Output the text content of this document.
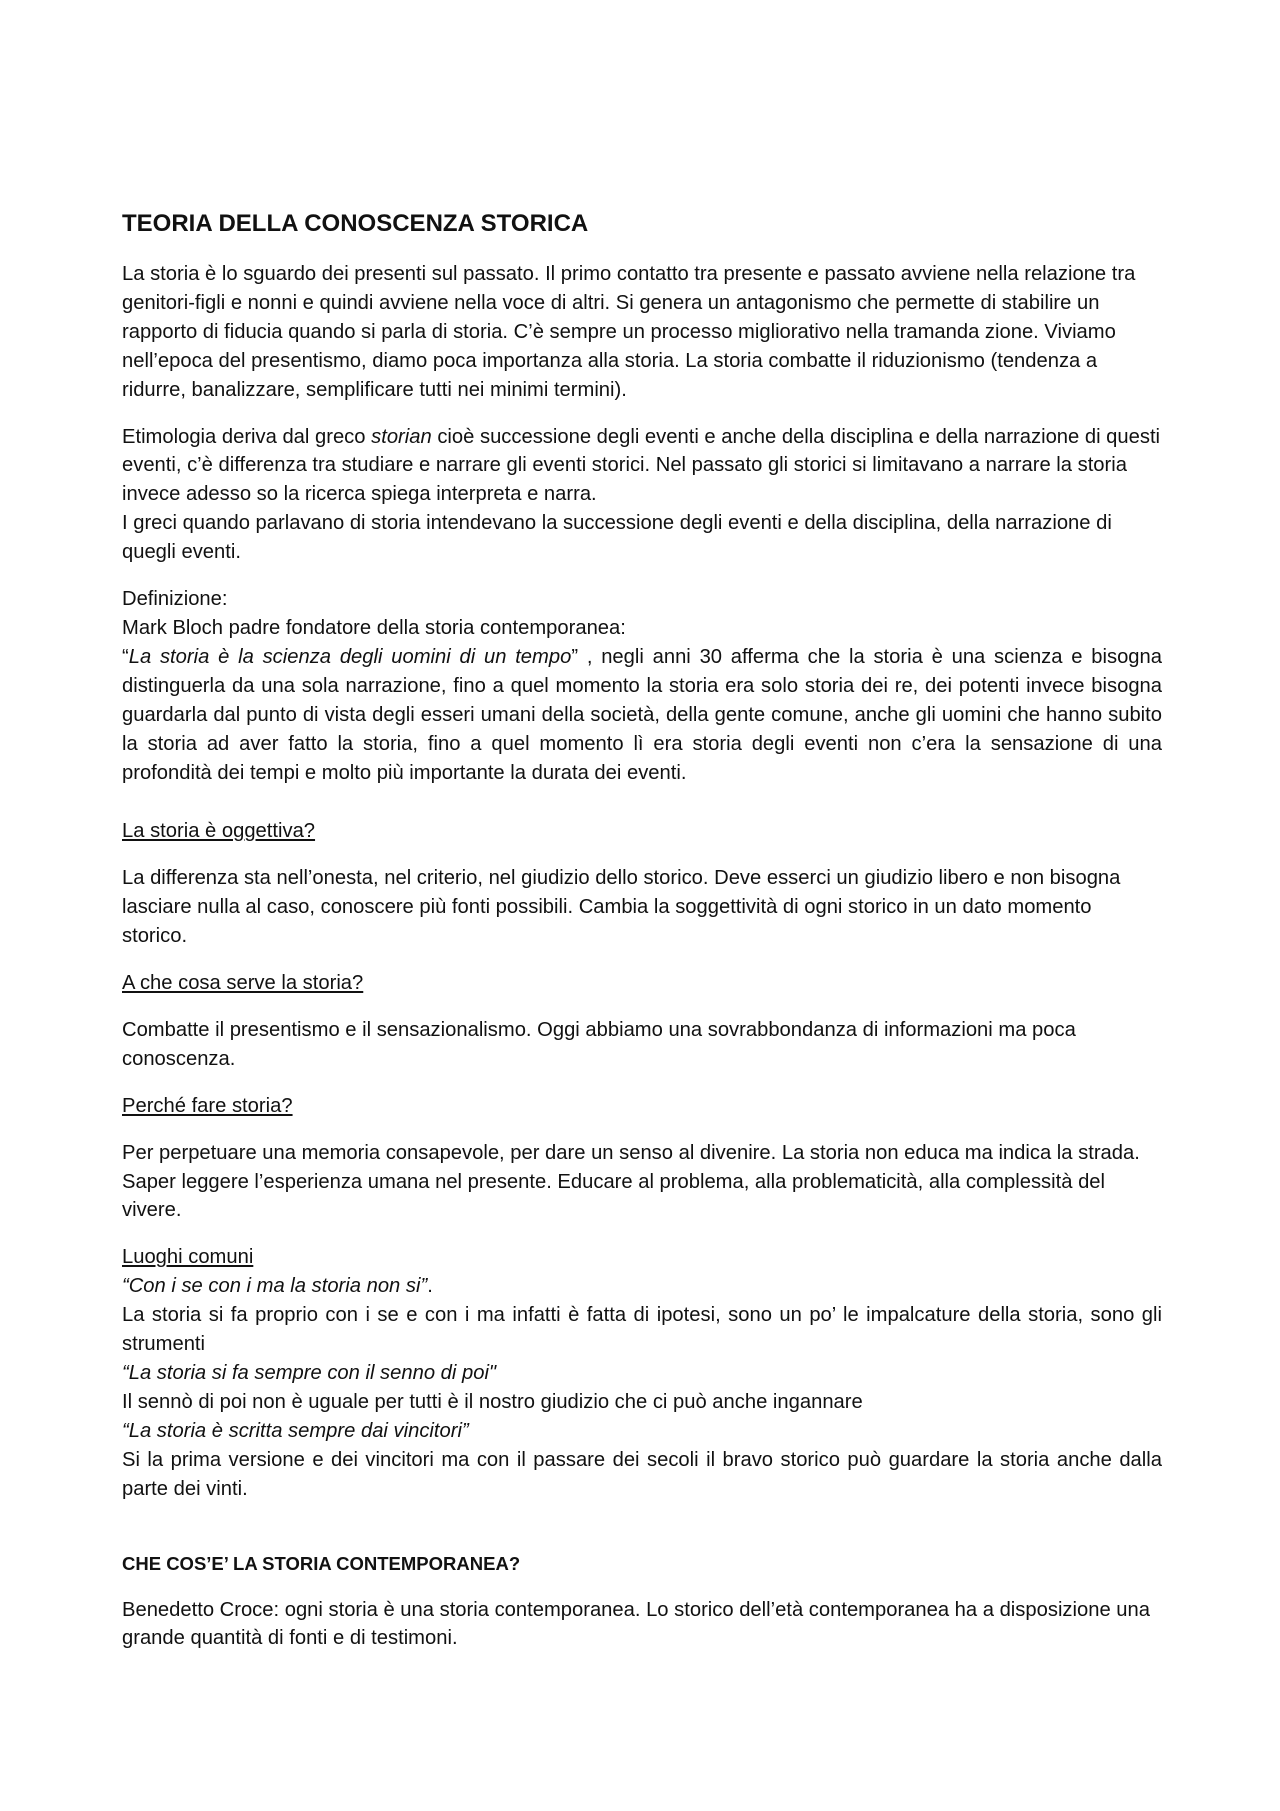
TEORIA DELLA CONOSCENZA STORICA

La storia è lo sguardo dei presenti sul passato. Il primo contatto tra presente e passato avviene nella relazione tra genitori-figli e nonni e quindi avviene nella voce di altri. Si genera un antagonismo che permette di stabilire un rapporto di fiducia quando si parla di storia. C’è sempre un processo migliorativo nella tramanda zione. Viviamo nell’epoca del presentismo, diamo poca importanza alla storia. La storia combatte il riduzionismo (tendenza a ridurre, banalizzare, semplificare tutti nei minimi termini).

Etimologia deriva dal greco storian cioè successione degli eventi e anche della disciplina e della narrazione di questi eventi, c’è differenza tra studiare e narrare gli eventi storici. Nel passato gli storici si limitavano a narrare la storia invece adesso so la ricerca spiega interpreta e narra.
I greci quando parlavano di storia intendevano la successione degli eventi e della disciplina, della narrazione di quegli eventi.

Definizione:
Mark Bloch padre fondatore della storia contemporanea:
“La storia è la scienza degli uomini di un tempo” , negli anni 30 afferma che la storia è una scienza e bisogna distinguerla da una sola narrazione, fino a quel momento la storia era solo storia dei re, dei potenti invece bisogna guardarla dal punto di vista degli esseri umani della società, della gente comune, anche gli uomini che hanno subito la storia ad aver fatto la storia, fino a quel momento lì era storia degli eventi non c’era la sensazione di una profondità dei tempi e molto più importante la durata dei eventi.

La storia è oggettiva?

La differenza sta nell’onesta, nel criterio, nel giudizio dello storico. Deve esserci un giudizio libero e non bisogna lasciare nulla al caso, conoscere più fonti possibili. Cambia la soggettività di ogni storico in un dato momento storico.

A che cosa serve la storia?

Combatte il presentismo e il sensazionalismo. Oggi abbiamo una sovrabbondanza di informazioni ma poca conoscenza.

Perché fare storia?

Per perpetuare una memoria consapevole, per dare un senso al divenire. La storia non educa ma indica la strada. Saper leggere l’esperienza umana nel presente. Educare al problema, alla problematicità, alla complessità del vivere.

Luoghi comuni
“Con i se con i ma la storia non si”.
La storia si fa proprio con i se e con i ma infatti è fatta di ipotesi, sono un po’ le impalcature della storia, sono gli strumenti
“La storia si fa sempre con il senno di poi"
Il sennò di poi non è uguale per tutti è il nostro giudizio che ci può anche ingannare
“La storia è scritta sempre dai vincitori”
Si la prima versione e dei vincitori ma con il passare dei secoli il bravo storico può guardare la storia anche dalla parte dei vinti.

CHE COS’E’ LA STORIA CONTEMPORANEA?

Benedetto Croce: ogni storia è una storia contemporanea. Lo storico dell’età contemporanea ha a disposizione una grande quantità di fonti e di testimoni.
